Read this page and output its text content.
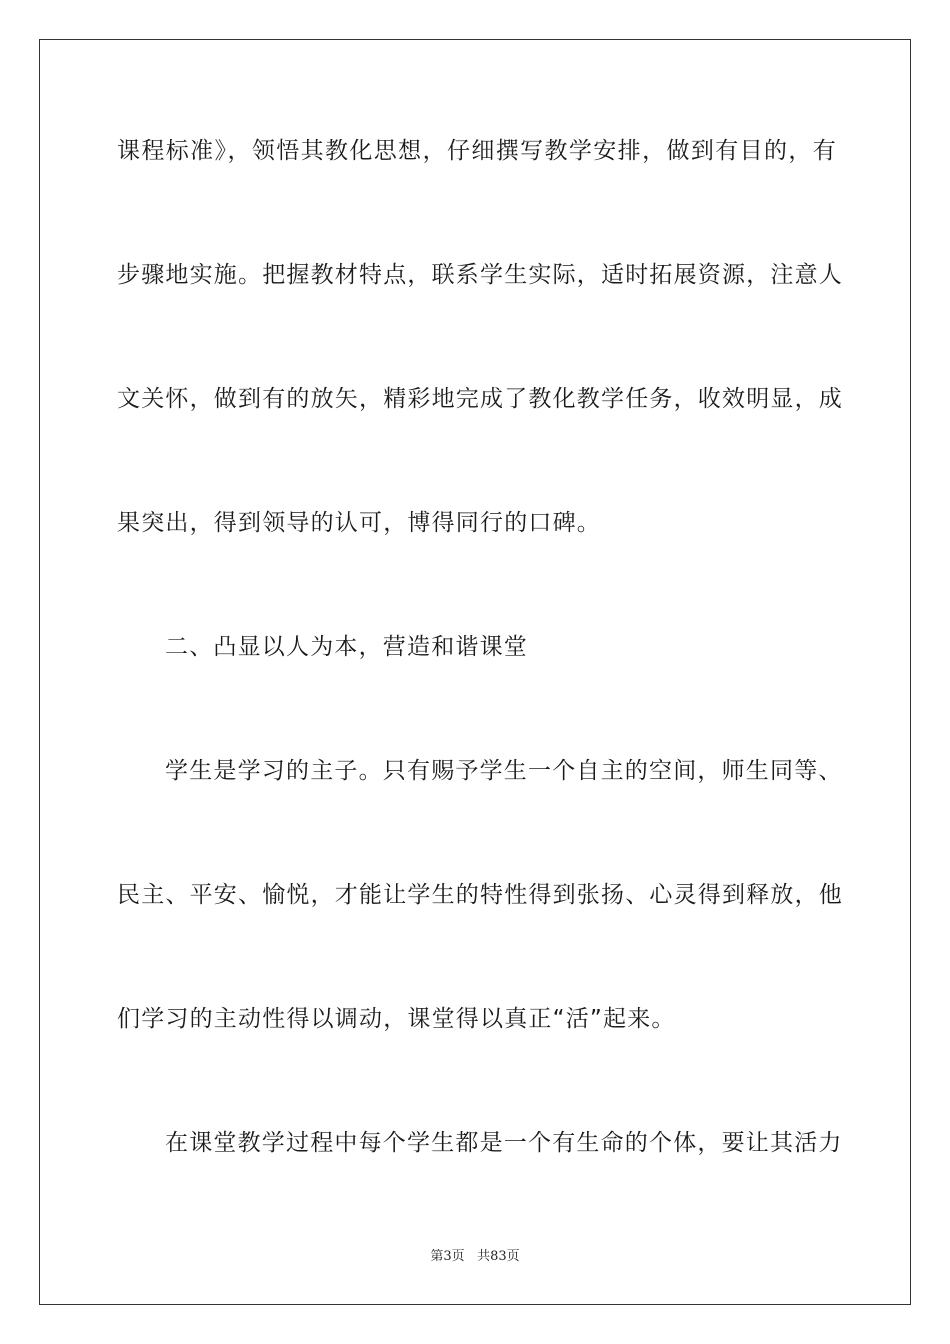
课程标准》，领悟其教化思想，仔细撰写教学安排，做到有目的，有
步骤地实施。把握教材特点，联系学生实际，适时拓展资源，注意人
文关怀，做到有的放矢，精彩地完成了教化教学任务，收效明显，成
果突出，得到领导的认可，博得同行的口碑。
二、凸显以人为本，营造和谐课堂
学生是学习的主子。只有赐予学生一个自主的空间，师生同等、
民主、平安、愉悦，才能让学生的特性得到张扬、心灵得到释放，他
们学习的主动性得以调动，课堂得以真正“活”起来。
在课堂教学过程中每个学生都是一个有生命的个体，要让其活力
第3页 共83页
